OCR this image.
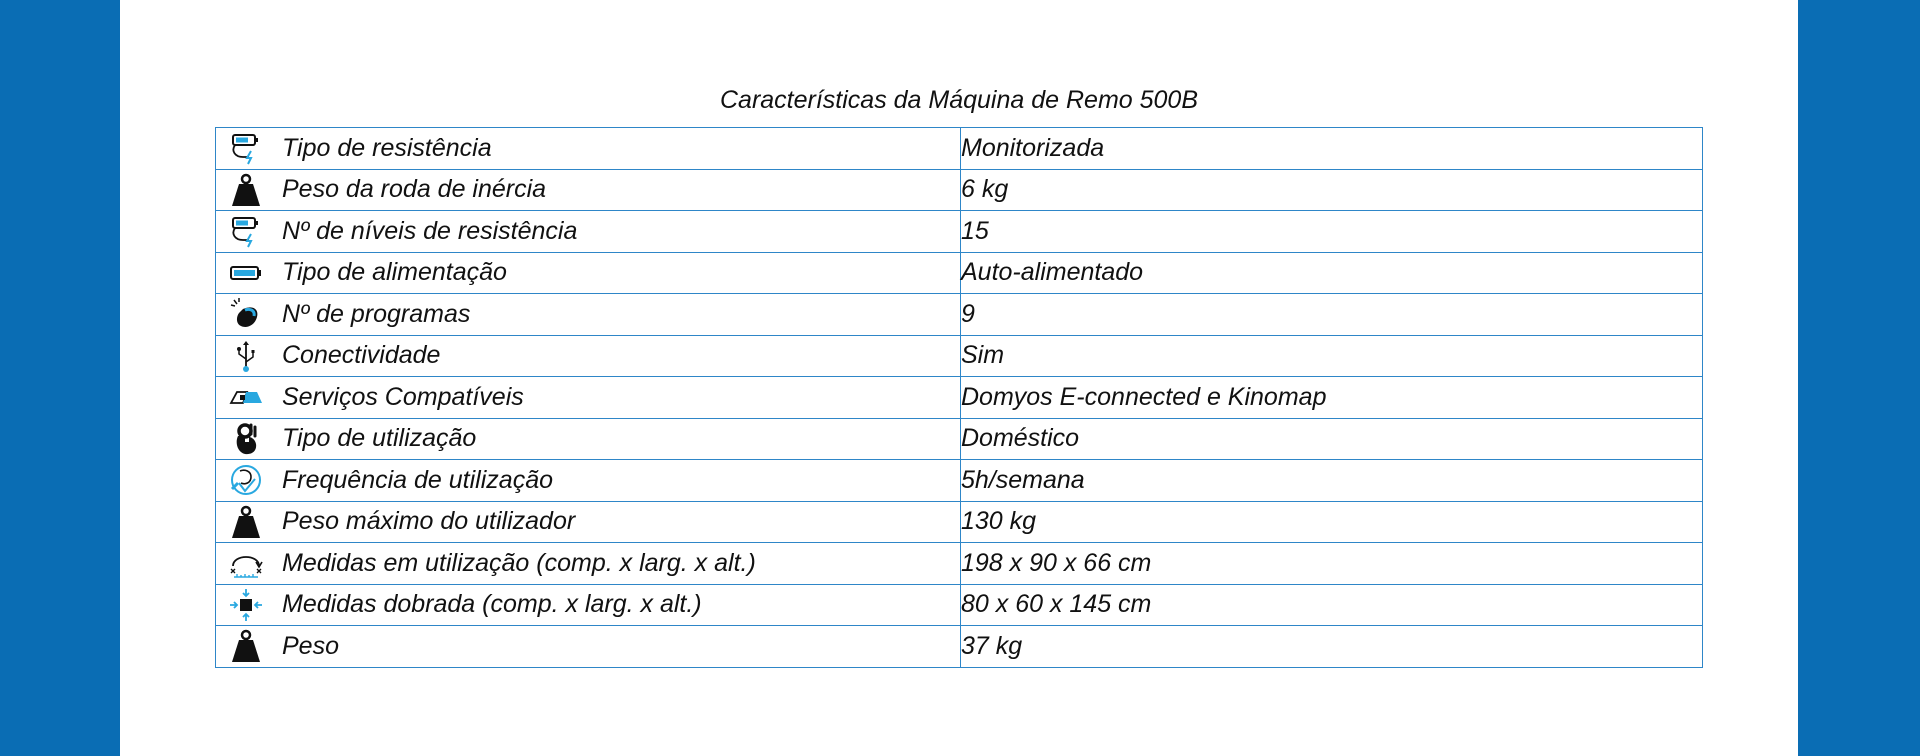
Características da Máquina de Remo 500B
Tipo de resistência	Monitorizada

Peso da roda de inércia	6 kg

Nº de níveis de resistência	15

Tipo de alimentação	Auto-alimentado

Nº de programas	9

Conectividade	Sim

Serviços Compatíveis	Domyos E-connected e Kinomap

Tipo de utilização	Doméstico

Frequência de utilização	5h/semana

Peso máximo do utilizador	130 kg

Medidas em utilização (comp. x larg. x alt.)	198 x 90 x 66 cm

Medidas dobrada (comp. x larg. x alt.)	80 x 60 x 145 cm

Peso	37 kg
